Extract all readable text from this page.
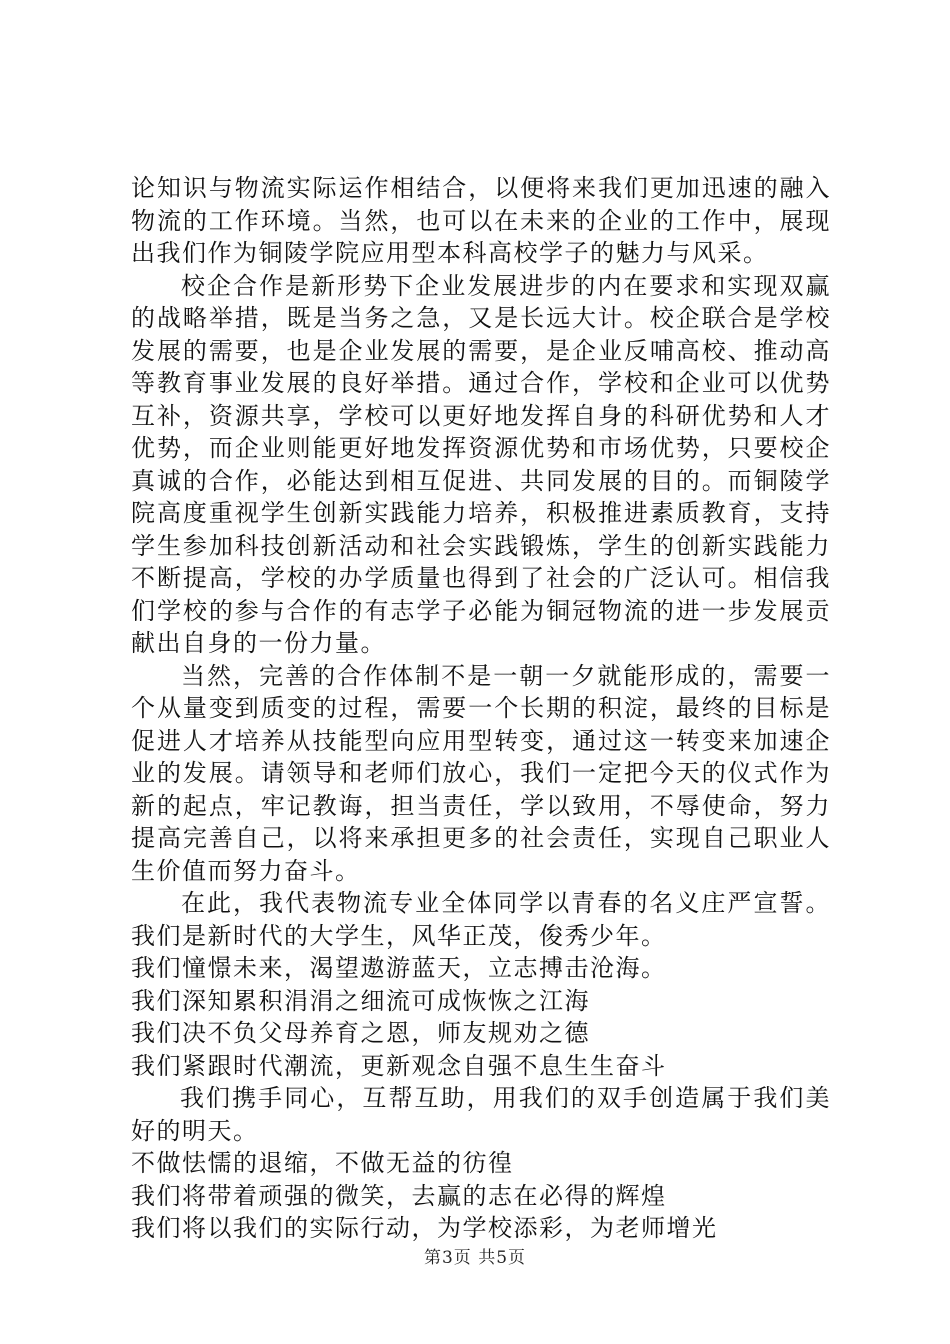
论知识与物流实际运作相结合，以便将来我们更加迅速的融入物流的工作环境。当然，也可以在未来的企业的工作中，展现出我们作为铜陵学院应用型本科高校学子的魅力与风采。

校企合作是新形势下企业发展进步的内在要求和实现双赢的战略举措，既是当务之急，又是长远大计。校企联合是学校发展的需要，也是企业发展的需要，是企业反哺高校、推动高等教育事业发展的良好举措。通过合作，学校和企业可以优势互补，资源共享，学校可以更好地发挥自身的科研优势和人才优势，而企业则能更好地发挥资源优势和市场优势，只要校企真诚的合作，必能达到相互促进、共同发展的目的。而铜陵学院高度重视学生创新实践能力培养，积极推进素质教育，支持学生参加科技创新活动和社会实践锻炼，学生的创新实践能力不断提高，学校的办学质量也得到了社会的广泛认可。相信我们学校的参与合作的有志学子必能为铜冠物流的进一步发展贡献出自身的一份力量。

当然，完善的合作体制不是一朝一夕就能形成的，需要一个从量变到质变的过程，需要一个长期的积淀，最终的目标是促进人才培养从技能型向应用型转变，通过这一转变来加速企业的发展。请领导和老师们放心，我们一定把今天的仪式作为新的起点，牢记教诲，担当责任，学以致用，不辱使命，努力提高完善自己，以将来承担更多的社会责任，实现自己职业人生价值而努力奋斗。

在此，我代表物流专业全体同学以青春的名义庄严宣誓。我们是新时代的大学生，风华正茂，俊秀少年。

我们憧憬未来，渴望遨游蓝天，立志搏击沧海。

我们深知累积涓涓之细流可成恢恢之江海

我们决不负父母养育之恩，师友规劝之德

我们紧跟时代潮流，更新观念自强不息生生奋斗

我们携手同心，互帮互助，用我们的双手创造属于我们美好的明天。

不做怯懦的退缩，不做无益的彷徨

我们将带着顽强的微笑，去赢的志在必得的辉煌

我们将以我们的实际行动，为学校添彩，为老师增光

第3页 共5页
